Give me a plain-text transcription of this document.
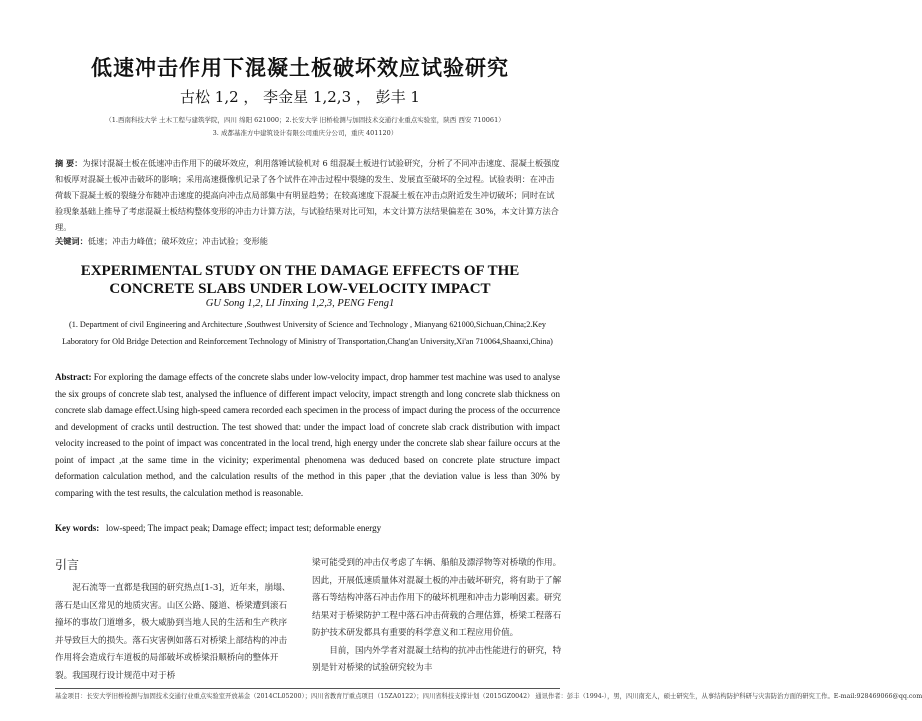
低速冲击作用下混凝土板破坏效应试验研究
古松 1,2 ， 李金星 1,2,3 ， 彭丰 1
（1.西南科技大学 土木工程与建筑学院，四川 绵阳 621000；2.长安大学 旧桥检测与加固技术交通行业重点实验室，陕西 西安 710061）
3. 成都基准方中建筑设计有限公司重庆分公司，重庆 401120）
摘 要：为探讨混凝土板在低速冲击作用下的破坏效应，利用落锤试验机对 6 组混凝土板进行试验研究，分析了不同冲击速度、混凝土板强度和板厚对混凝土板冲击破坏的影响；采用高速摄像机记录了各个试件在冲击过程中裂缝的发生、发展直至破坏的全过程。试验表明：在冲击荷载下混凝土板的裂缝分布随冲击速度的提高向冲击点局部集中有明显趋势；在较高速度下混凝土板在冲击点附近发生冲切破坏；同时在试验现象基础上推导了考虑混凝土板结构整体变形的冲击力计算方法，与试验结果对比可知，本文计算方法结果偏差在 30%，本文计算方法合理。
关键词：低速；冲击力峰值；破坏效应；冲击试验；变形能
EXPERIMENTAL STUDY ON THE DAMAGE EFFECTS OF THE CONCRETE SLABS UNDER LOW-VELOCITY IMPACT
GU Song 1,2, LI Jinxing 1,2,3, PENG Feng1
(1. Department of civil Engineering and Architecture ,Southwest University of Science and Technology , Mianyang 621000,Sichuan,China;2.Key Laboratory for Old Bridge Detection and Reinforcement Technology of Ministry of Transportation,Chang'an University,Xi'an 710064,Shaanxi,China)
Abstract: For exploring the damage effects of the concrete slabs under low-velocity impact, drop hammer test machine was used to analyse the six groups of concrete slab test, analysed the influence of different impact velocity, impact strength and long concrete slab thickness on concrete slab damage effect.Using high-speed camera recorded each specimen in the process of impact during the process of the occurrence and development of cracks until destruction. The test showed that: under the impact load of concrete slab crack distribution with impact velocity increased to the point of impact was concentrated in the local trend, high energy under the concrete slab shear failure occurs at the point of impact ,at the same time in the vicinity; experimental phenomena was deduced based on concrete plate structure impact deformation calculation method, and the calculation results of the method in this paper ,that the deviation value is less than 30% by comparing with the test results, the calculation method is reasonable.
Key words: low-speed; The impact peak; Damage effect; impact test; deformable energy
引言
泥石流等一直都是我国的研究热点[1-3]，近年来，崩塌、落石是山区常见的地质灾害。山区公路、隧道、桥梁遭到滚石撞坏的事故门道增多，极大威胁到当地人民的生活和生产秩序并导致巨大的损失。落石灾害例如落石对桥梁上部结构的冲击作用将会造成行车道板的局部破坏或桥梁沿顺桥向的整体开裂。我国现行设计规范中对于桥
梁可能受到的冲击仅考虑了车辆、船舶及漂浮物等对桥墩的作用。因此，开展低速质量体对混凝土板的冲击破坏研究，将有助于了解落石等结构冲落石冲击作用下的破坏机理和冲击力影响因素。研究结果对于桥梁防护工程中落石冲击荷载的合理估算，桥梁工程落石防护技术研发都具有重要的科学意义和工程应用价值。
目前，国内外学者对混凝土结构的抗冲击性能进行的研究，特别是针对桥梁的试验研究较为丰
基金项目：长安大学旧桥检测与加固技术交通行业重点实验室开放基金（2014CL05200）；四川省教育厅重点项目（15ZA0122）；四川省科技支撑计划（2015GZ0042） 通讯作者：彭丰（1994-），男，四川南充人，硕士研究生，从事结构防护科研与灾害防治方面的研究工作。E-mail:928469066@qq.com
